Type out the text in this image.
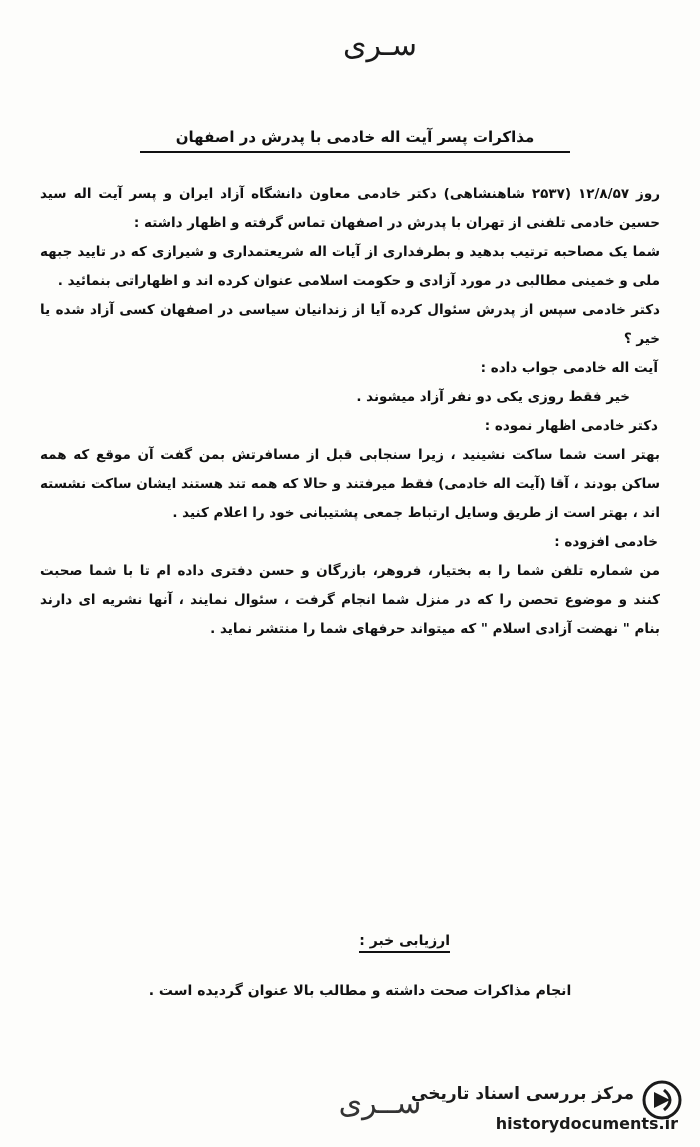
سـری
مذاکرات پسر آیت اله خادمی با پدرش در اصفهان

روز ۱۲/۸/۵۷ (۲۵۳۷ شاهنشاهی) دکتر خادمی معاون دانشگاه آزاد ایران و پسر آیت اله سید حسین خادمی تلفنی از تهران با پدرش در اصفهان تماس گرفته و اظهار داشته :

شما یک مصاحبه ترتیب بدهید و بطرفداری از آیات اله شریعتمداری و شیرازی که در تایید جبهه ملی و خمینی مطالبی در مورد آزادی و حکومت اسلامی عنوان کرده اند و اظهاراتی بنمائید .

دکتر خادمی سپس از پدرش سئوال کرده آیا از زندانیان سیاسی در اصفهان کسی آزاد شده یا خیر ؟

آیت اله خادمی جواب داده :

خیر فقط روزی یکی دو نفر آزاد میشوند .

دکتر خادمی اظهار نموده :

بهتر است شما ساکت نشینید ، زیرا سنجابی قبل از مسافرتش بمن گفت آن موقع که همه ساکن بودند ، آقا (آیت اله خادمی) فقط میرفتند و حالا که همه تند هستند ایشان ساکت نشسته اند ، بهتر است از طریق وسایل ارتباط جمعی پشتیبانی خود را اعلام کنید .

خادمی افزوده :

من شماره تلفن شما را به بختیار، فروهر، بازرگان و حسن دفتری داده ام تا با شما صحبت کنند و موضوع تحصن را که در منزل شما انجام گرفت ، سئوال نمایند ، آنها نشریه ای دارند بنام " نهضت آزادی اسلام " که میتواند حرفهای شما را منتشر نماید .

ارزیابی خبر :
انجام مذاکرات صحت داشته و مطالب بالا عنوان گردیده است .
ســری
مرکز بررسی اسناد تاریخی
historydocuments.ir
